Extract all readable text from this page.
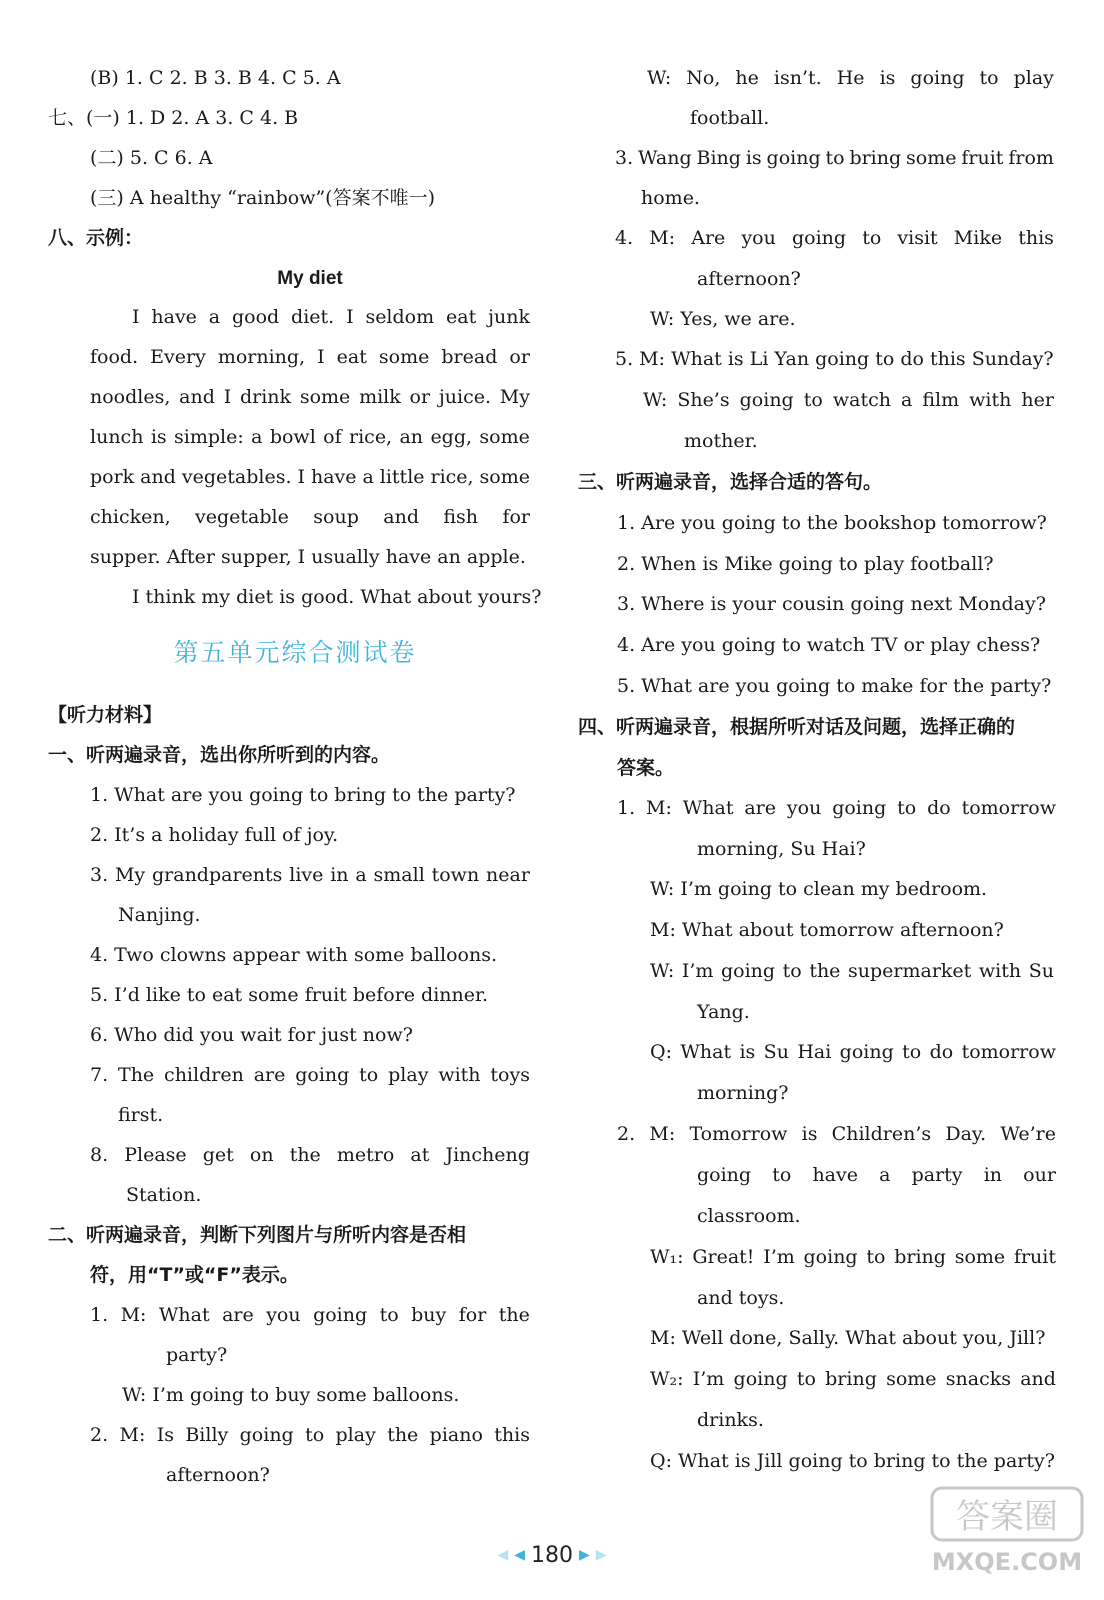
(B) 1. C 2. B 3. B 4. C 5. A
七、(一) 1. D 2. A 3. C 4. B
(二) 5. C 6. A
(三) A healthy “rainbow”(答案不唯一)
八、示例：
I have a good diet. I seldom eat junk
food. Every morning, I eat some bread or
noodles, and I drink some milk or juice. My
lunch is simple: a bowl of rice, an egg, some
pork and vegetables. I have a little rice, some
chicken, vegetable soup and fish for
supper. After supper, I usually have an apple.
I think my diet is good. What about yours?
【听力材料】
一、听两遍录音，选出你所听到的内容。
1. What are you going to bring to the party?
2. It’s a holiday full of joy.
3. My grandparents live in a small town near
Nanjing.
4. Two clowns appear with some balloons.
5. I’d like to eat some fruit before dinner.
6. Who did you wait for just now?
7. The children are going to play with toys
first.
8. Please get on the metro at Jincheng
Station.
二、听两遍录音，判断下列图片与所听内容是否相
符，用“T”或“F”表示。
1. M: What are you going to buy for the
party?
W: I’m going to buy some balloons.
2. M: Is Billy going to play the piano this
afternoon?
W: No, he isn’t. He is going to play
football.
3. Wang Bing is going to bring some fruit from
home.
4. M: Are you going to visit Mike this
afternoon?
W: Yes, we are.
5. M: What is Li Yan going to do this Sunday?
W: She’s going to watch a film with her
mother.
三、听两遍录音，选择合适的答句。
1. Are you going to the bookshop tomorrow?
2. When is Mike going to play football?
3. Where is your cousin going next Monday?
4. Are you going to watch TV or play chess?
5. What are you going to make for the party?
四、听两遍录音，根据所听对话及问题，选择正确的
答案。
1. M: What are you going to do tomorrow
morning, Su Hai?
W: I’m going to clean my bedroom.
M: What about tomorrow afternoon?
W: I’m going to the supermarket with Su
Yang.
Q: What is Su Hai going to do tomorrow
morning?
2. M: Tomorrow is Children’s Day. We’re
going to have a party in our
classroom.
W₁: Great! I’m going to bring some fruit
and toys.
M: Well done, Sally. What about you, Jill?
W₂: I’m going to bring some snacks and
drinks.
Q: What is Jill going to bring to the party?
My diet
第五单元综合测试卷
◀ ◀ 180 ▶ ▶
答案圈
MXQE.COM
